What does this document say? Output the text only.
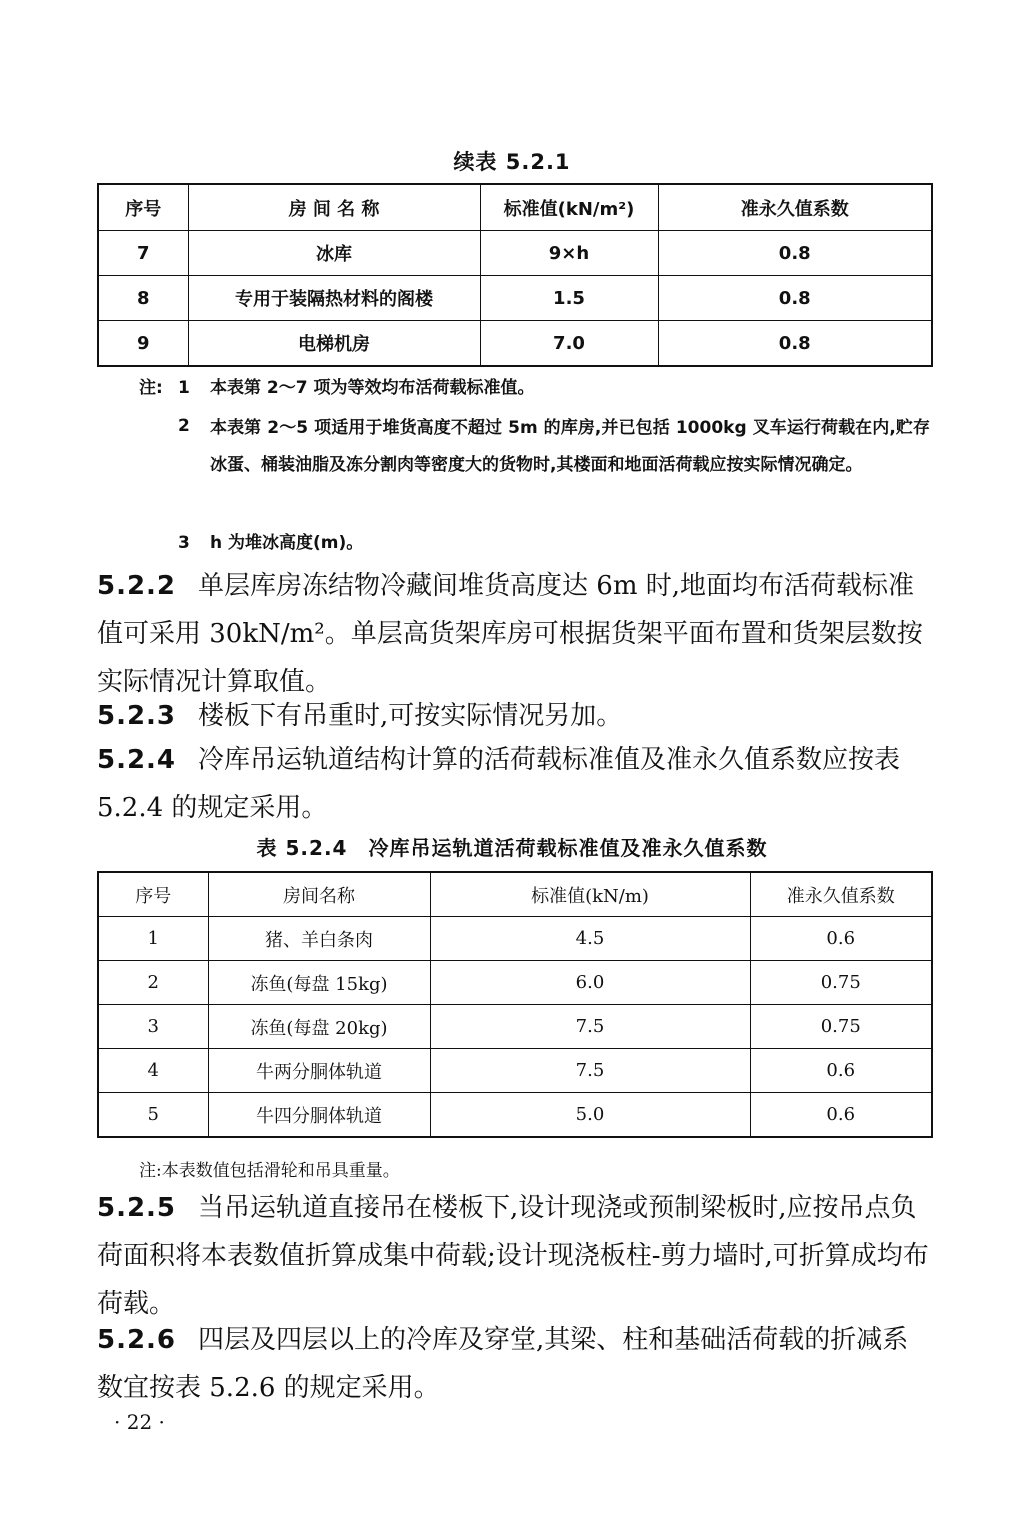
续表 5.2.1
序号	房 间 名 称	标准值(kN/m²)	准永久值系数
7	冰库	9×h	0.8
8	专用于装隔热材料的阁楼	1.5	0.8
9	电梯机房	7.0	0.8
注: 1 本表第 2～7 项为等效均布活荷载标准值。
2 本表第 2～5 项适用于堆货高度不超过 5m 的库房,并已包括 1000kg 叉车运行荷载在内,贮存冰蛋、桶装油脂及冻分割肉等密度大的货物时,其楼面和地面活荷载应按实际情况确定。
3 h 为堆冰高度(m)。
5.2.2 单层库房冻结物冷藏间堆货高度达 6m 时,地面均布活荷载标准值可采用 30kN/m²。单层高货架库房可根据货架平面布置和货架层数按实际情况计算取值。
5.2.3 楼板下有吊重时,可按实际情况另加。
5.2.4 冷库吊运轨道结构计算的活荷载标准值及准永久值系数应按表 5.2.4 的规定采用。
表 5.2.4　冷库吊运轨道活荷载标准值及准永久值系数
序号	房间名称	标准值(kN/m)	准永久值系数
1	猪、羊白条肉	4.5	0.6
2	冻鱼(每盘 15kg)	6.0	0.75
3	冻鱼(每盘 20kg)	7.5	0.75
4	牛两分胴体轨道	7.5	0.6
5	牛四分胴体轨道	5.0	0.6
注:本表数值包括滑轮和吊具重量。
5.2.5 当吊运轨道直接吊在楼板下,设计现浇或预制梁板时,应按吊点负荷面积将本表数值折算成集中荷载;设计现浇板柱-剪力墙时,可折算成均布荷载。
5.2.6 四层及四层以上的冷库及穿堂,其梁、柱和基础活荷载的折减系数宜按表 5.2.6 的规定采用。
· 22 ·
